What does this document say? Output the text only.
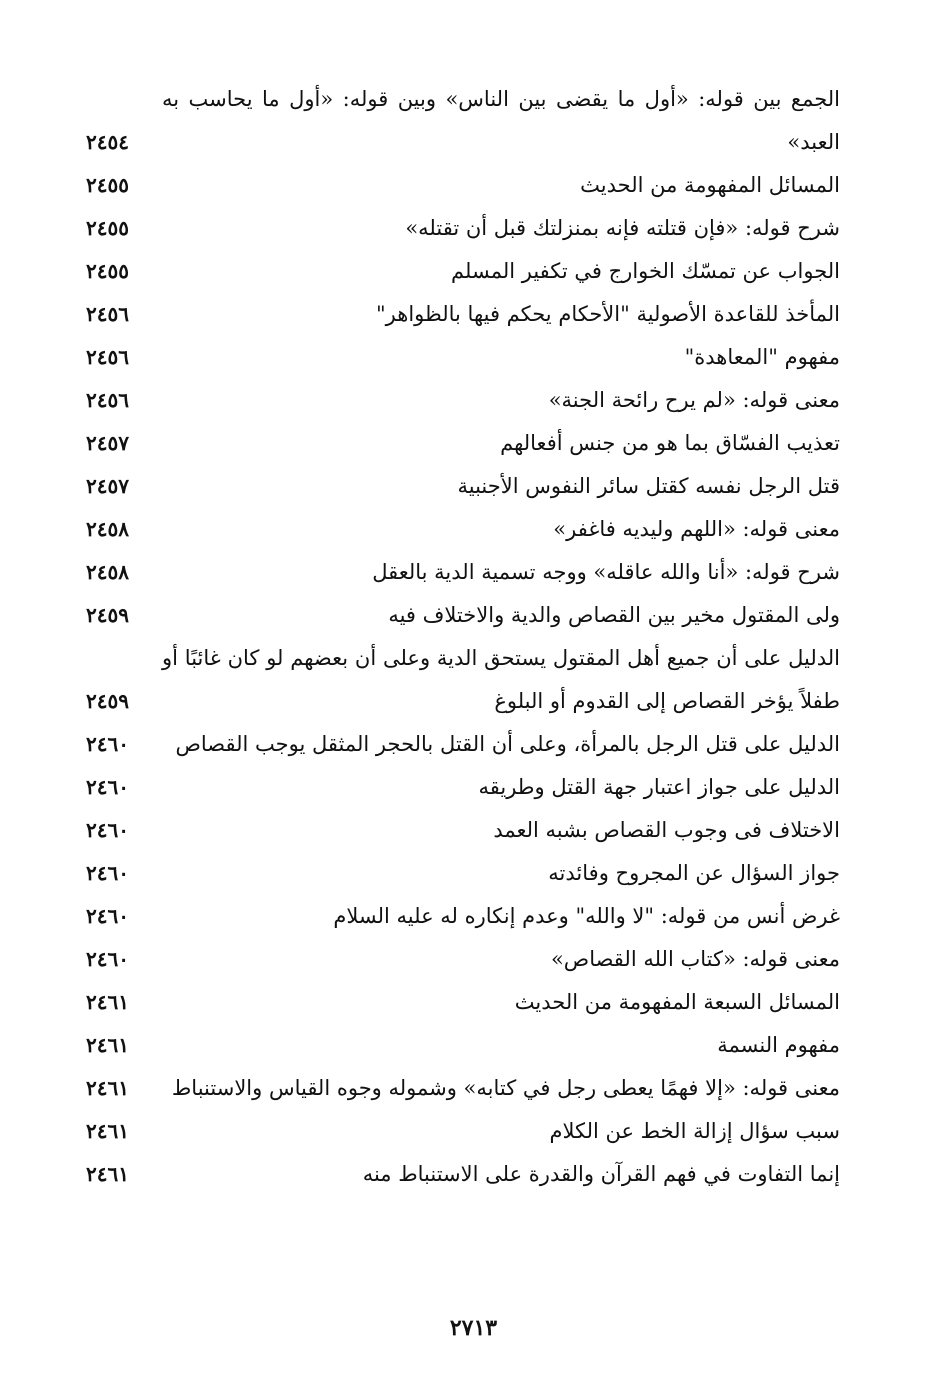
الجمع بين قوله: «أول ما يقضى بين الناس» وبين قوله: «أول ما يحاسب به العبد»
٢٤٥٤
المسائل المفهومة من الحديث
٢٤٥٥
شرح قوله: «فإن قتلته فإنه بمنزلتك قبل أن تقتله»
٢٤٥٥
الجواب عن تمسّك الخوارج في تكفير المسلم
٢٤٥٥
المأخذ للقاعدة الأصولية "الأحكام يحكم فيها بالظواهر"
٢٤٥٦
مفهوم "المعاهدة"
٢٤٥٦
معنى قوله: «لم يرح رائحة الجنة»
٢٤٥٦
تعذيب الفسّاق بما هو من جنس أفعالهم
٢٤٥٧
قتل الرجل نفسه كقتل سائر النفوس الأجنبية
٢٤٥٧
معنى قوله: «اللهم وليديه فاغفر»
٢٤٥٨
شرح قوله: «أنا والله عاقله» ووجه تسمية الدية بالعقل
٢٤٥٨
ولى المقتول مخير بين القصاص والدية والاختلاف فيه
٢٤٥٩
الدليل على أن جميع أهل المقتول يستحق الدية وعلى أن بعضهم لو كان غائبًا أو طفلاً يؤخر القصاص إلى القدوم أو البلوغ
٢٤٥٩
الدليل على قتل الرجل بالمرأة، وعلى أن القتل بالحجر المثقل يوجب القصاص
٢٤٦٠
الدليل على جواز اعتبار جهة القتل وطريقه
٢٤٦٠
الاختلاف فى وجوب القصاص بشبه العمد
٢٤٦٠
جواز السؤال عن المجروح وفائدته
٢٤٦٠
غرض أنس من قوله: "لا والله" وعدم إنكاره له عليه السلام
٢٤٦٠
معنى قوله: «كتاب الله القصاص»
٢٤٦٠
المسائل السبعة المفهومة من الحديث
٢٤٦١
مفهوم النسمة
٢٤٦١
معنى قوله: «إلا فهمًا يعطى رجل في كتابه» وشموله وجوه القياس والاستنباط
٢٤٦١
سبب سؤال إزالة الخط عن الكلام
٢٤٦١
إنما التفاوت في فهم القرآن والقدرة على الاستنباط منه
٢٤٦١
٢٧١٣
